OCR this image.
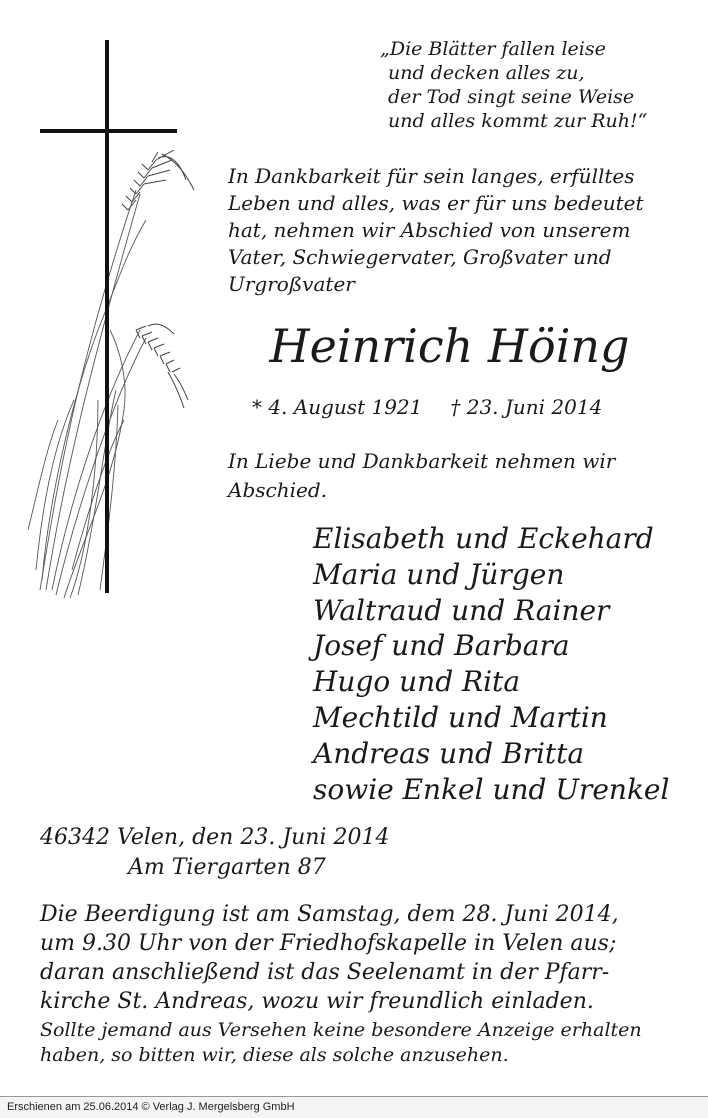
„Die Blätter fallen leise
und decken alles zu,
der Tod singt seine Weise
und alles kommt zur Ruh!“
In Dankbarkeit für sein langes, erfülltes
Leben und alles, was er für uns bedeutet
hat, nehmen wir Abschied von unserem
Vater, Schwiegervater, Großvater und
Urgroßvater
Heinrich Höing
* 4. August 1921 † 23. Juni 2014
In Liebe und Dankbarkeit nehmen wir
Abschied.
Elisabeth und Eckehard
Maria und Jürgen
Waltraud und Rainer
Josef und Barbara
Hugo und Rita
Mechtild und Martin
Andreas und Britta
sowie Enkel und Urenkel
46342 Velen, den 23. Juni 2014
Am Tiergarten 87
Die Beerdigung ist am Samstag, dem 28. Juni 2014,
um 9.30 Uhr von der Friedhofskapelle in Velen aus;
daran anschließend ist das Seelenamt in der Pfarr-
kirche St. Andreas, wozu wir freundlich einladen.
Sollte jemand aus Versehen keine besondere Anzeige erhalten
haben, so bitten wir, diese als solche anzusehen.
Erschienen am 25.06.2014 © Verlag J. Mergelsberg GmbH
